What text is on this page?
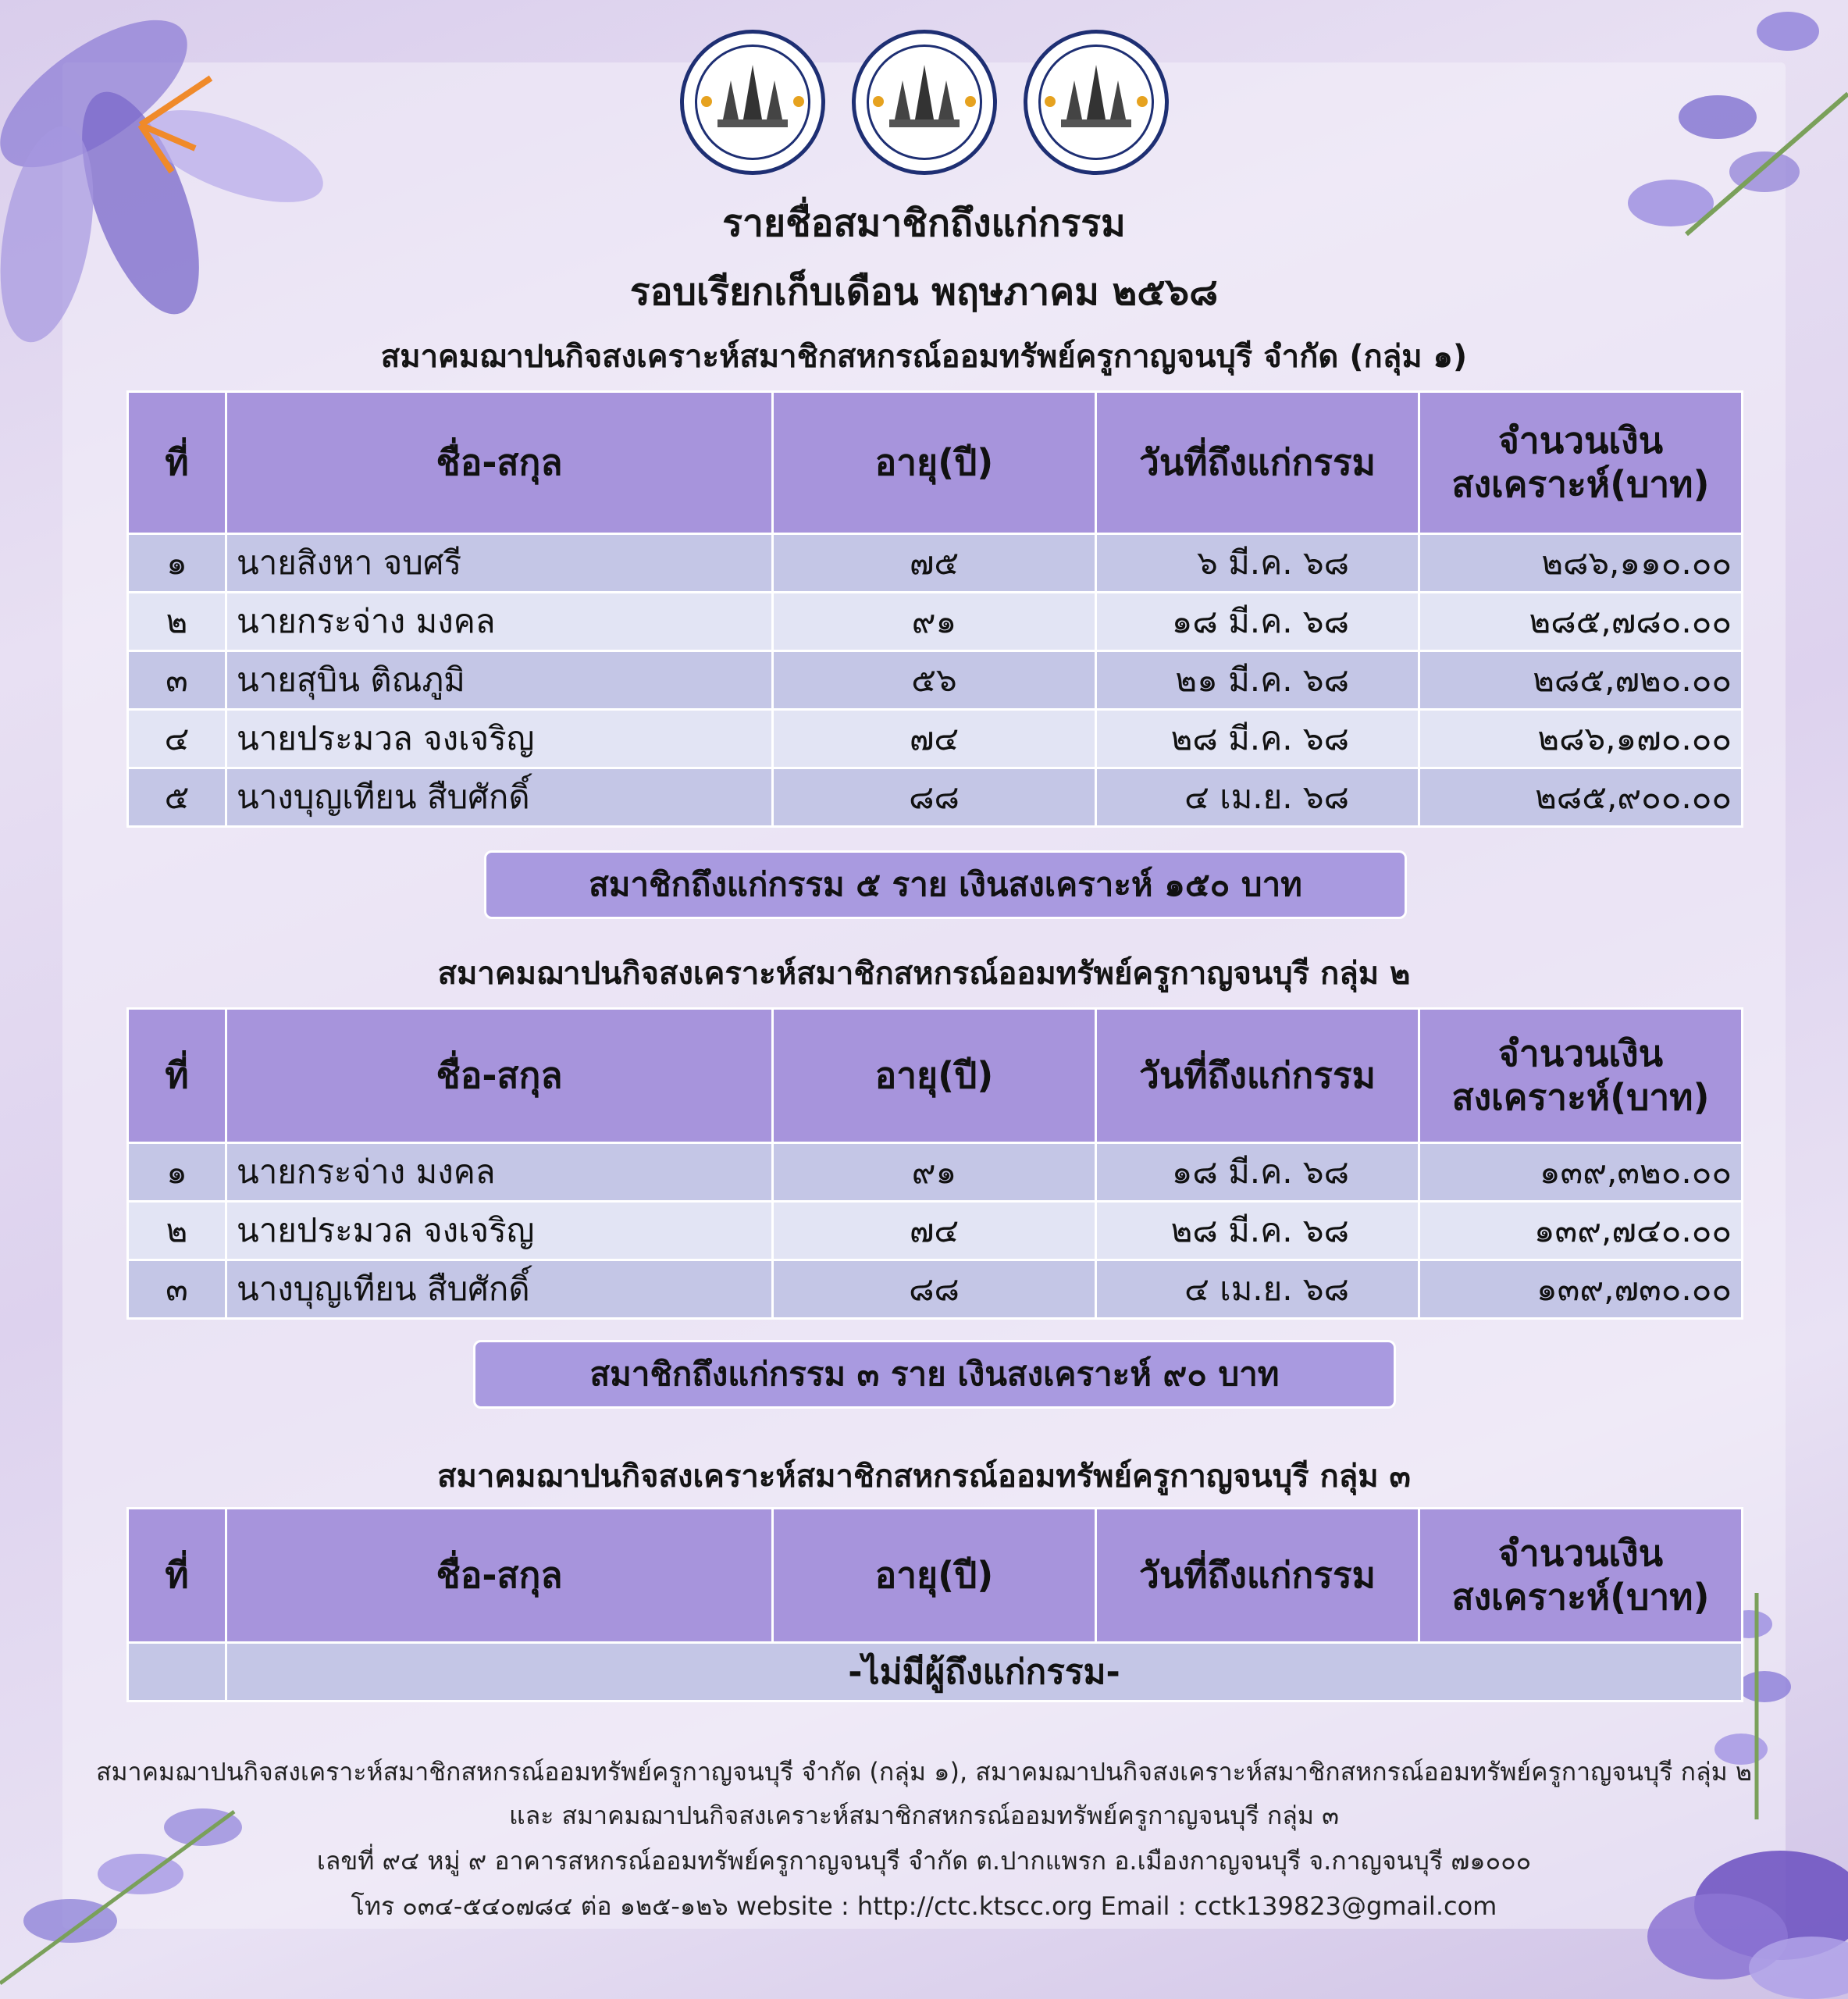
รายชื่อสมาชิกถึงแก่กรรม
รอบเรียกเก็บเดือน พฤษภาคม ๒๕๖๘
สมาคมฌาปนกิจสงเคราะห์สมาชิกสหกรณ์ออมทรัพย์ครูกาญจนบุรี จำกัด (กลุ่ม ๑)
ที่	ชื่อ-สกุล	อายุ(ปี)	วันที่ถึงแก่กรรม	จำนวนเงิน
สงเคราะห์(บาท)
๑	นายสิงหา จบศรี	๗๕	๖ มี.ค. ๖๘	๒๘๖,๑๑๐.๐๐
๒	นายกระจ่าง มงคล	๙๑	๑๘ มี.ค. ๖๘	๒๘๕,๗๘๐.๐๐
๓	นายสุบิน ติณภูมิ	๕๖	๒๑ มี.ค. ๖๘	๒๘๕,๗๒๐.๐๐
๔	นายประมวล จงเจริญ	๗๔	๒๘ มี.ค. ๖๘	๒๘๖,๑๗๐.๐๐
๕	นางบุญเทียน สืบศักดิ์	๘๘	๔ เม.ย. ๖๘	๒๘๕,๙๐๐.๐๐
สมาชิกถึงแก่กรรม ๕ ราย เงินสงเคราะห์ ๑๕๐ บาท
สมาคมฌาปนกิจสงเคราะห์สมาชิกสหกรณ์ออมทรัพย์ครูกาญจนบุรี กลุ่ม ๒
ที่	ชื่อ-สกุล	อายุ(ปี)	วันที่ถึงแก่กรรม	จำนวนเงิน
สงเคราะห์(บาท)
๑	นายกระจ่าง มงคล	๙๑	๑๘ มี.ค. ๖๘	๑๓๙,๓๒๐.๐๐
๒	นายประมวล จงเจริญ	๗๔	๒๘ มี.ค. ๖๘	๑๓๙,๗๔๐.๐๐
๓	นางบุญเทียน สืบศักดิ์	๘๘	๔ เม.ย. ๖๘	๑๓๙,๗๓๐.๐๐
สมาชิกถึงแก่กรรม ๓ ราย เงินสงเคราะห์ ๙๐ บาท
สมาคมฌาปนกิจสงเคราะห์สมาชิกสหกรณ์ออมทรัพย์ครูกาญจนบุรี กลุ่ม ๓
ที่	ชื่อ-สกุล	อายุ(ปี)	วันที่ถึงแก่กรรม	จำนวนเงิน
สงเคราะห์(บาท)
	-ไม่มีผู้ถึงแก่กรรม-			
สมาคมฌาปนกิจสงเคราะห์สมาชิกสหกรณ์ออมทรัพย์ครูกาญจนบุรี จำกัด (กลุ่ม ๑), สมาคมฌาปนกิจสงเคราะห์สมาชิกสหกรณ์ออมทรัพย์ครูกาญจนบุรี กลุ่ม ๒
และ สมาคมฌาปนกิจสงเคราะห์สมาชิกสหกรณ์ออมทรัพย์ครูกาญจนบุรี กลุ่ม ๓
เลขที่ ๙๔ หมู่ ๙ อาคารสหกรณ์ออมทรัพย์ครูกาญจนบุรี จำกัด ต.ปากแพรก อ.เมืองกาญจนบุรี จ.กาญจนบุรี ๗๑๐๐๐
โทร ๐๓๔-๕๔๐๗๘๔ ต่อ ๑๒๕-๑๒๖ website : http://ctc.ktscc.org Email : cctk139823@gmail.com
